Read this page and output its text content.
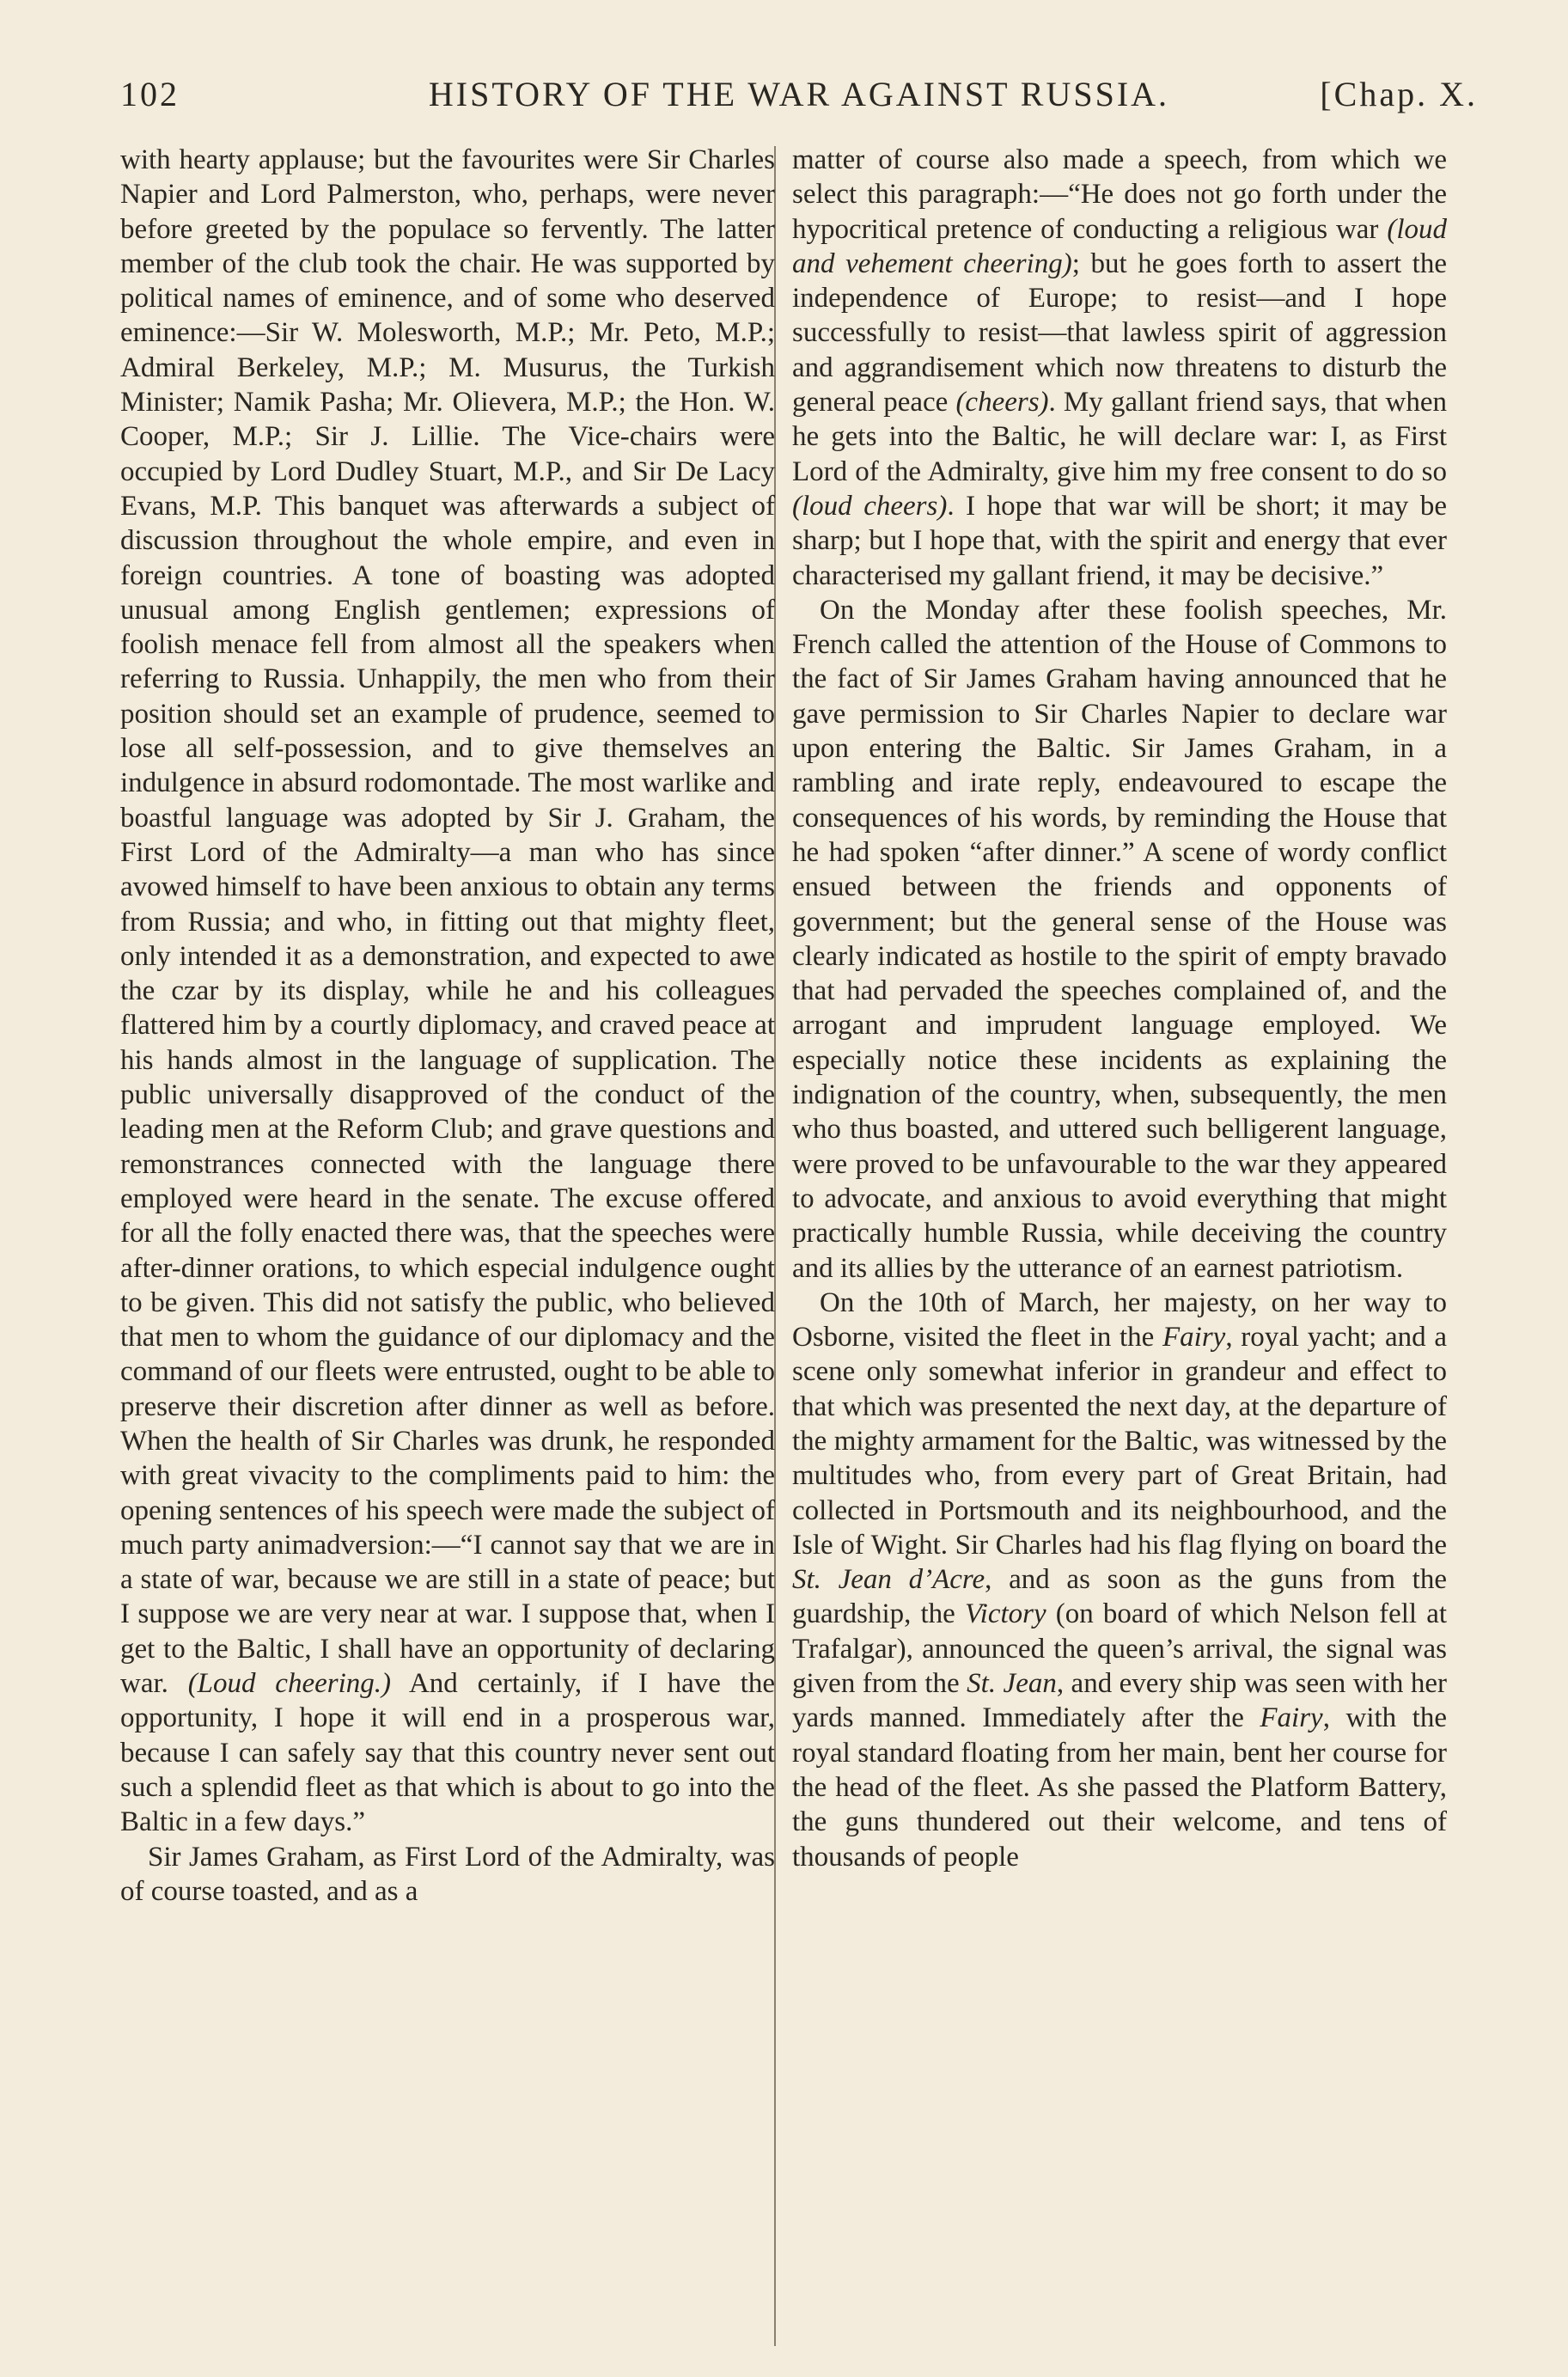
102	HISTORY OF THE WAR AGAINST RUSSIA.	[Chap. X.

with hearty applause; but the favourites were Sir Charles Napier and Lord Palmerston, who, perhaps, were never before greeted by the populace so fervently. The latter member of the club took the chair. He was supported by political names of eminence, and of some who deserved eminence:—Sir W. Molesworth, M.P.; Mr. Peto, M.P.; Admiral Berkeley, M.P.; M. Musurus, the Turkish Minister; Namik Pasha; Mr. Olievera, M.P.; the Hon. W. Cooper, M.P.; Sir J. Lillie. The Vice-chairs were occupied by Lord Dudley Stuart, M.P., and Sir De Lacy Evans, M.P. This banquet was afterwards a subject of discussion throughout the whole empire, and even in foreign countries. A tone of boasting was adopted unusual among English gentlemen; expressions of foolish menace fell from almost all the speakers when referring to Russia. Unhappily, the men who from their position should set an example of prudence, seemed to lose all self-possession, and to give themselves an indulgence in absurd rodomontade. The most warlike and boastful language was adopted by Sir J. Graham, the First Lord of the Admiralty—a man who has since avowed himself to have been anxious to obtain any terms from Russia; and who, in fitting out that mighty fleet, only intended it as a demonstration, and expected to awe the czar by its display, while he and his colleagues flattered him by a courtly diplomacy, and craved peace at his hands almost in the language of supplication. The public universally disapproved of the conduct of the leading men at the Reform Club; and grave questions and remonstrances connected with the language there employed were heard in the senate. The excuse offered for all the folly enacted there was, that the speeches were after-dinner orations, to which especial indulgence ought to be given. This did not satisfy the public, who believed that men to whom the guidance of our diplomacy and the command of our fleets were entrusted, ought to be able to preserve their discretion after dinner as well as before. When the health of Sir Charles was drunk, he responded with great vivacity to the compliments paid to him: the opening sentences of his speech were made the subject of much party animadversion:—“I cannot say that we are in a state of war, because we are still in a state of peace; but I suppose we are very near at war. I suppose that, when I get to the Baltic, I shall have an opportunity of declaring war. (Loud cheering.) And certainly, if I have the opportunity, I hope it will end in a prosperous war, because I can safely say that this country never sent out such a splendid fleet as that which is about to go into the Baltic in a few days.”

Sir James Graham, as First Lord of the Admiralty, was of course toasted, and as a

matter of course also made a speech, from which we select this paragraph:—“He does not go forth under the hypocritical pretence of conducting a religious war (loud and vehement cheering); but he goes forth to assert the independence of Europe; to resist—and I hope successfully to resist—that lawless spirit of aggression and aggrandisement which now threatens to disturb the general peace (cheers). My gallant friend says, that when he gets into the Baltic, he will declare war: I, as First Lord of the Admiralty, give him my free consent to do so (loud cheers). I hope that war will be short; it may be sharp; but I hope that, with the spirit and energy that ever characterised my gallant friend, it may be decisive.”

On the Monday after these foolish speeches, Mr. French called the attention of the House of Commons to the fact of Sir James Graham having announced that he gave permission to Sir Charles Napier to declare war upon entering the Baltic. Sir James Graham, in a rambling and irate reply, endeavoured to escape the consequences of his words, by reminding the House that he had spoken “after dinner.” A scene of wordy conflict ensued between the friends and opponents of government; but the general sense of the House was clearly indicated as hostile to the spirit of empty bravado that had pervaded the speeches complained of, and the arrogant and imprudent language employed. We especially notice these incidents as explaining the indignation of the country, when, subsequently, the men who thus boasted, and uttered such belligerent language, were proved to be unfavourable to the war they appeared to advocate, and anxious to avoid everything that might practically humble Russia, while deceiving the country and its allies by the utterance of an earnest patriotism.

On the 10th of March, her majesty, on her way to Osborne, visited the fleet in the Fairy, royal yacht; and a scene only somewhat inferior in grandeur and effect to that which was presented the next day, at the departure of the mighty armament for the Baltic, was witnessed by the multitudes who, from every part of Great Britain, had collected in Portsmouth and its neighbourhood, and the Isle of Wight. Sir Charles had his flag flying on board the St. Jean d’Acre, and as soon as the guns from the guardship, the Victory (on board of which Nelson fell at Trafalgar), announced the queen’s arrival, the signal was given from the St. Jean, and every ship was seen with her yards manned. Immediately after the Fairy, with the royal standard floating from her main, bent her course for the head of the fleet. As she passed the Platform Battery, the guns thundered out their welcome, and tens of thousands of people
